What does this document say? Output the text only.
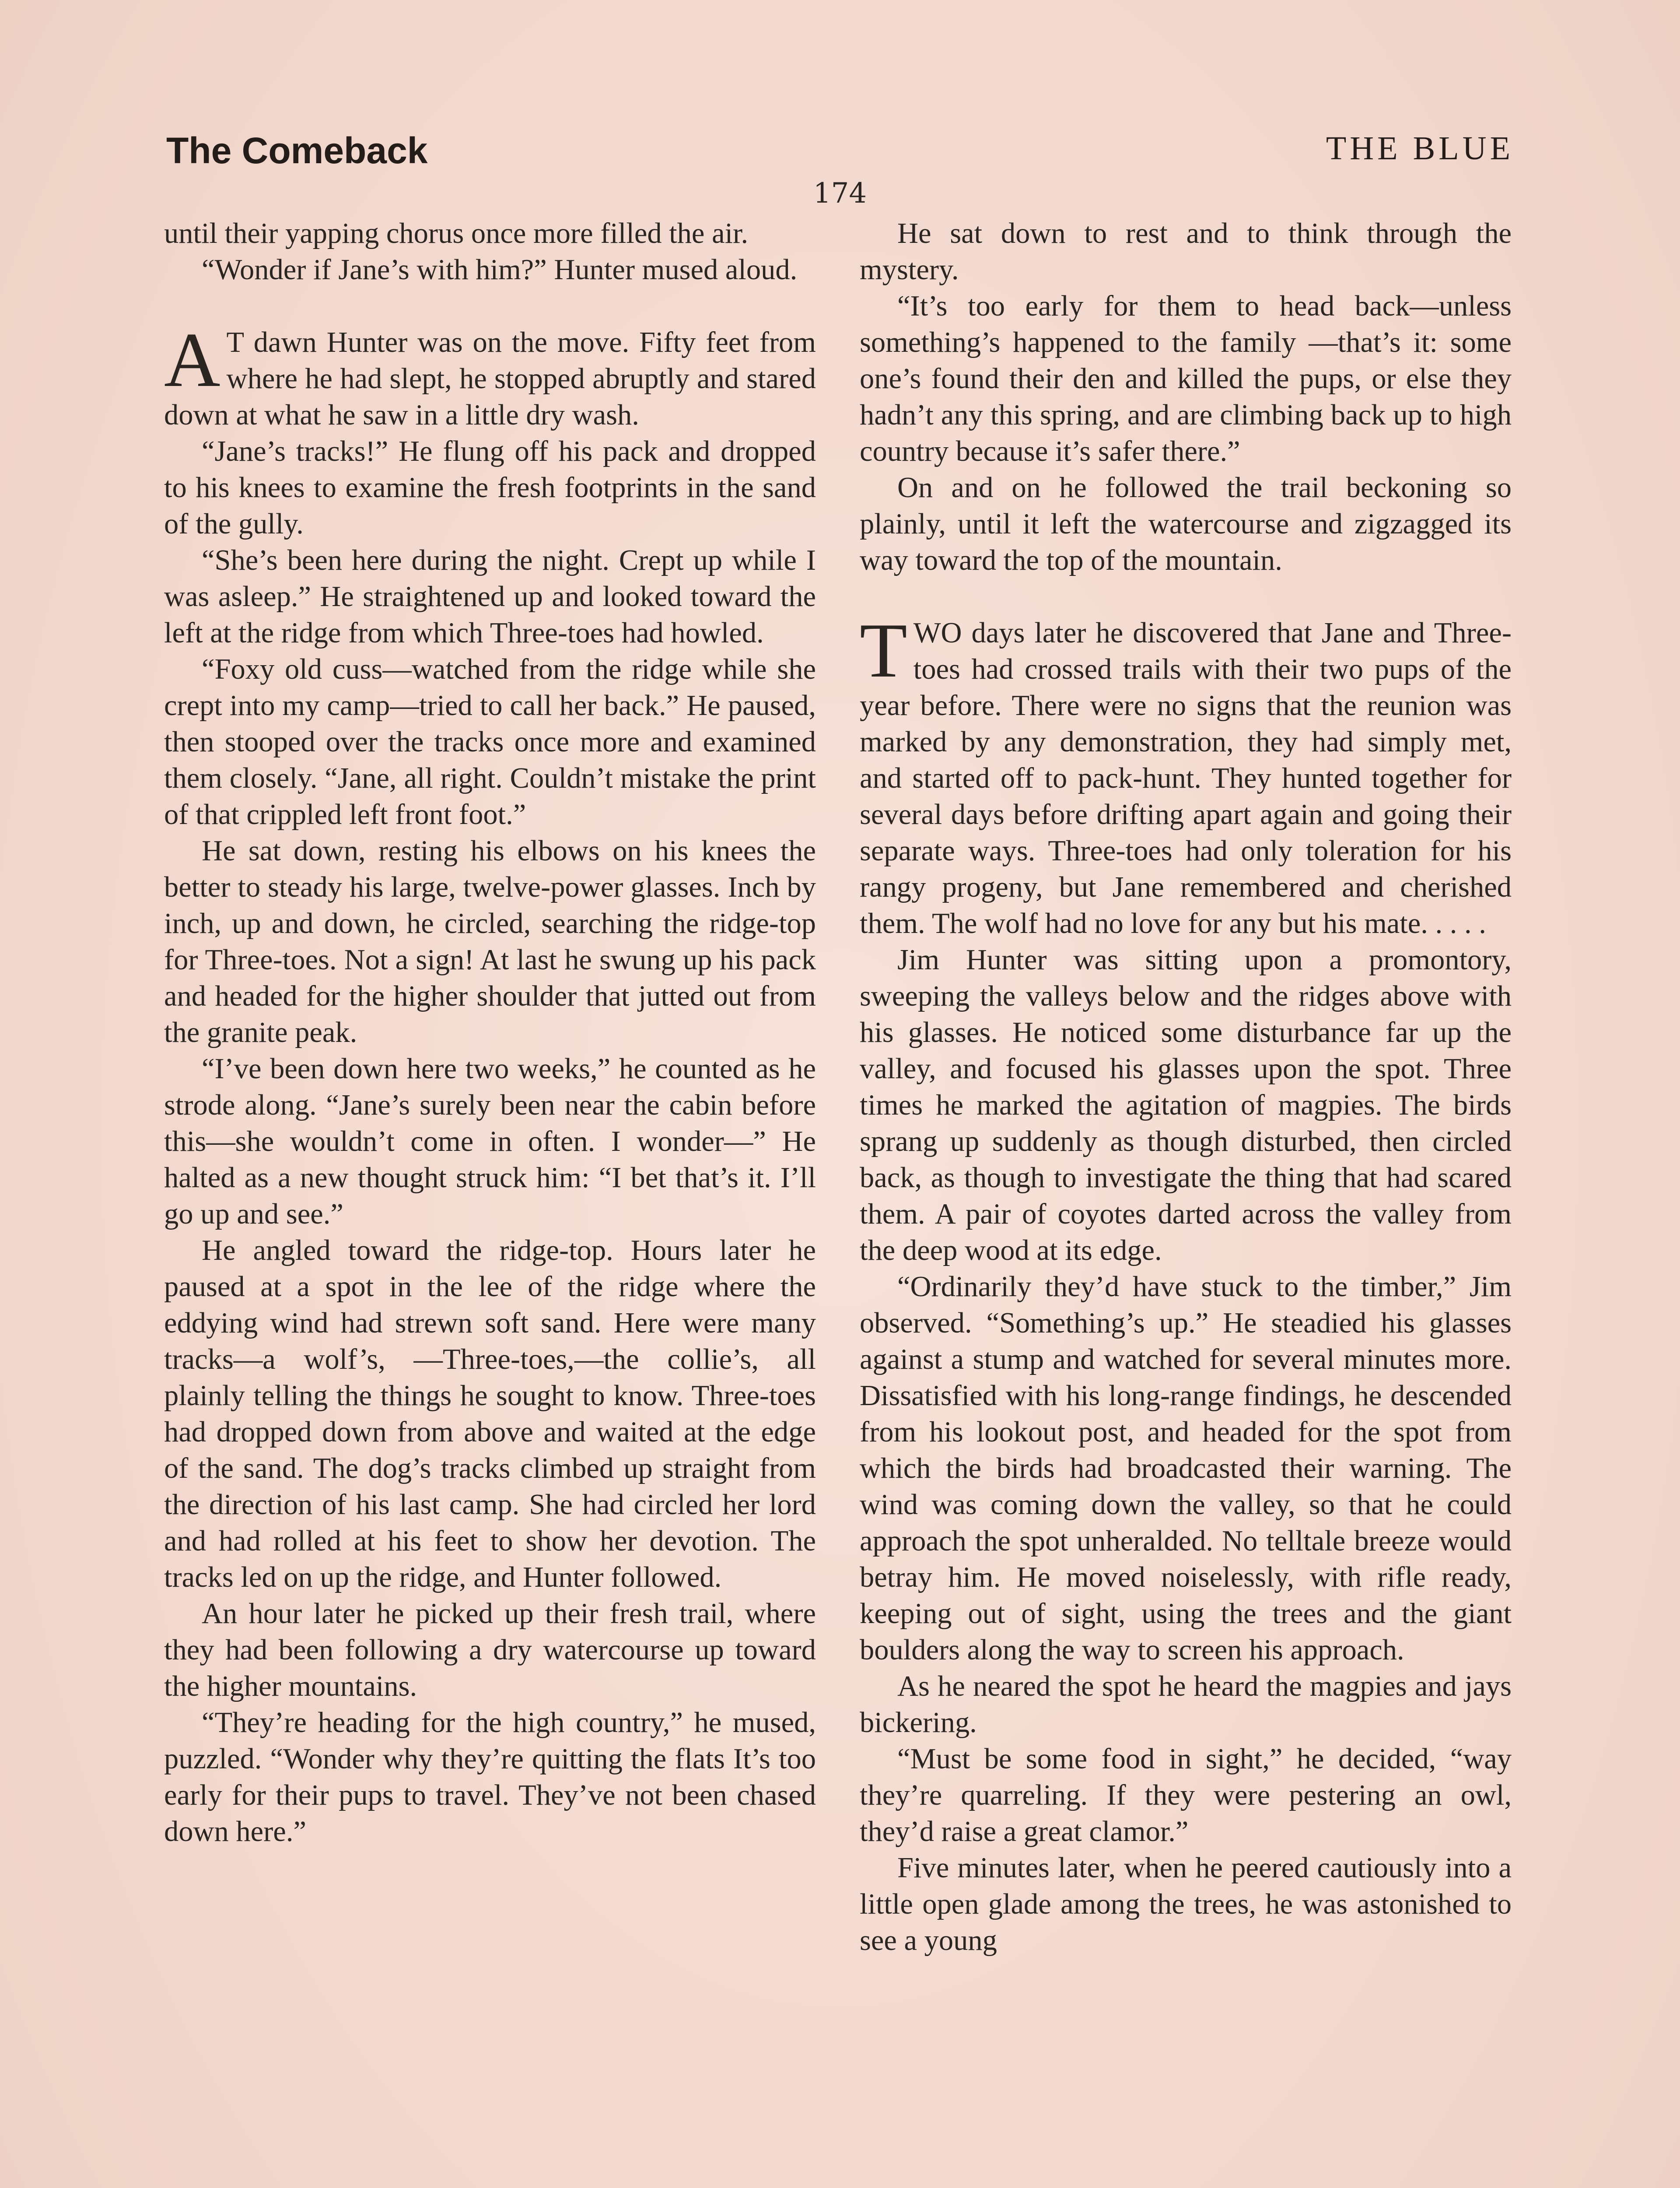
The Comeback	THE BLUE
174

until their yapping chorus once more filled the air.

“Wonder if Jane’s with him?” Hunter mused aloud.

A T dawn Hunter was on the move. Fifty feet from where he had slept, he stopped abruptly and stared down at what he saw in a little dry wash.

“Jane’s tracks!” He flung off his pack and dropped to his knees to examine the fresh footprints in the sand of the gully.

“She’s been here during the night. Crept up while I was asleep.” He straightened up and looked toward the left at the ridge from which Three-toes had howled.

“Foxy old cuss—watched from the ridge while she crept into my camp—tried to call her back.” He paused, then stooped over the tracks once more and examined them closely. “Jane, all right. Couldn’t mistake the print of that crippled left front foot.”

He sat down, resting his elbows on his knees the better to steady his large, twelve-power glasses. Inch by inch, up and down, he circled, searching the ridge-top for Three-toes. Not a sign! At last he swung up his pack and headed for the higher shoulder that jutted out from the granite peak.

“I’ve been down here two weeks,” he counted as he strode along. “Jane’s surely been near the cabin before this—she wouldn’t come in often. I wonder—” He halted as a new thought struck him: “I bet that’s it. I’ll go up and see.”

He angled toward the ridge-top. Hours later he paused at a spot in the lee of the ridge where the eddying wind had strewn soft sand. Here were many tracks—a wolf’s, —Three-toes,—the collie’s, all plainly telling the things he sought to know. Three-toes had dropped down from above and waited at the edge of the sand. The dog’s tracks climbed up straight from the direction of his last camp. She had circled her lord and had rolled at his feet to show her devotion. The tracks led on up the ridge, and Hunter followed.

An hour later he picked up their fresh trail, where they had been following a dry watercourse up toward the higher mountains.

“They’re heading for the high country,” he mused, puzzled. “Wonder why they’re quitting the flats It’s too early for their pups to travel. They’ve not been chased down here.”

He sat down to rest and to think through the mystery.

“It’s too early for them to head back—unless something’s happened to the family —that’s it: some one’s found their den and killed the pups, or else they hadn’t any this spring, and are climbing back up to high country because it’s safer there.”

On and on he followed the trail beckoning so plainly, until it left the watercourse and zigzagged its way toward the top of the mountain.

TWO days later he discovered that Jane and Three-toes had crossed trails with their two pups of the year before. There were no signs that the reunion was marked by any demonstration, they had simply met, and started off to pack-hunt. They hunted together for several days before drifting apart again and going their separate ways. Three-toes had only toleration for his rangy progeny, but Jane remembered and cherished them. The wolf had no love for any but his mate. . . . .

Jim Hunter was sitting upon a promontory, sweeping the valleys below and the ridges above with his glasses. He noticed some disturbance far up the valley, and focused his glasses upon the spot. Three times he marked the agitation of magpies. The birds sprang up suddenly as though disturbed, then circled back, as though to investigate the thing that had scared them. A pair of coyotes darted across the valley from the deep wood at its edge.

“Ordinarily they’d have stuck to the timber,” Jim observed. “Something’s up.” He steadied his glasses against a stump and watched for several minutes more. Dissatisfied with his long-range findings, he descended from his lookout post, and headed for the spot from which the birds had broadcasted their warning. The wind was coming down the valley, so that he could approach the spot unheralded. No telltale breeze would betray him. He moved noiselessly, with rifle ready, keeping out of sight, using the trees and the giant boulders along the way to screen his approach.

As he neared the spot he heard the magpies and jays bickering.

“Must be some food in sight,” he decided, “way they’re quarreling. If they were pestering an owl, they’d raise a great clamor.”

Five minutes later, when he peered cautiously into a little open glade among the trees, he was astonished to see a young
